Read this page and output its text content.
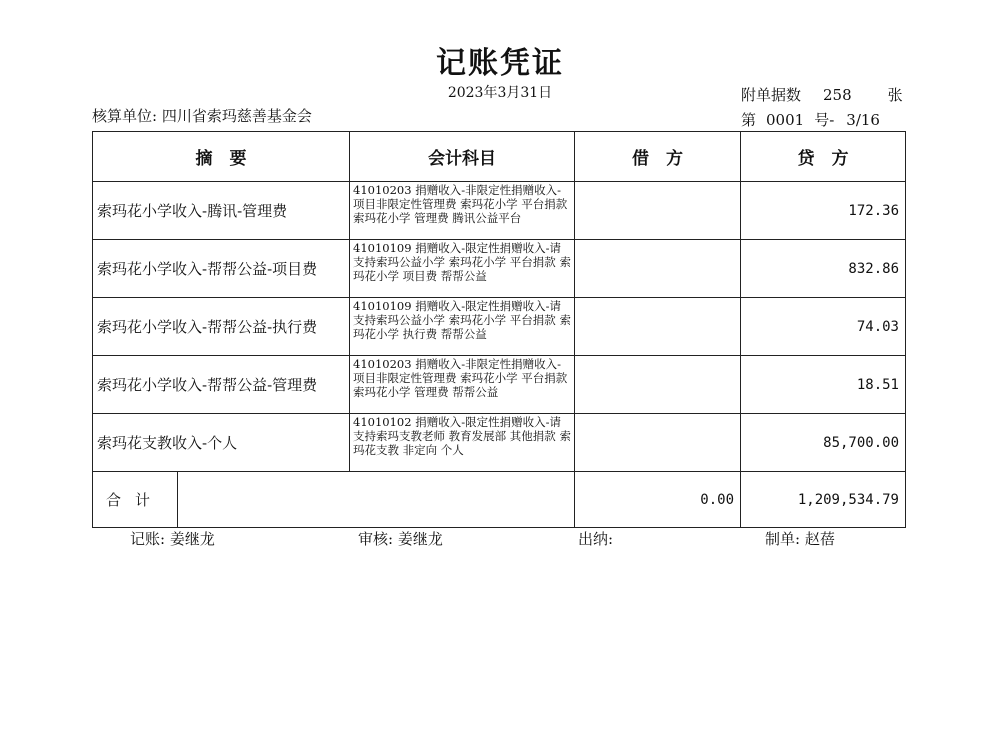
记账凭证
2023年3月31日
核算单位: 四川省索玛慈善基金会
附单据数 258 张
第 0001 号- 3/16
摘　要		会计科目	借　方	贷　方
索玛花小学收入-腾讯-管理费		41010203 捐赠收入-非限定性捐赠收入-项目非限定性管理费 索玛花小学 平台捐款 索玛花小学 管理费 腾讯公益平台		172.36
索玛花小学收入-帮帮公益-项目费		41010109 捐赠收入-限定性捐赠收入-请支持索玛公益小学 索玛花小学 平台捐款 索玛花小学 项目费 帮帮公益		832.86
索玛花小学收入-帮帮公益-执行费		41010109 捐赠收入-限定性捐赠收入-请支持索玛公益小学 索玛花小学 平台捐款 索玛花小学 执行费 帮帮公益		74.03
索玛花小学收入-帮帮公益-管理费		41010203 捐赠收入-非限定性捐赠收入-项目非限定性管理费 索玛花小学 平台捐款 索玛花小学 管理费 帮帮公益		18.51
索玛花支教收入-个人		41010102 捐赠收入-限定性捐赠收入-请支持索玛支教老师 教育发展部 其他捐款 索玛花支教 非定向 个人		85,700.00
合计			0.00	1,209,534.79
记账: 姜继龙	审核: 姜继龙	出纳:	制单: 赵蓓
